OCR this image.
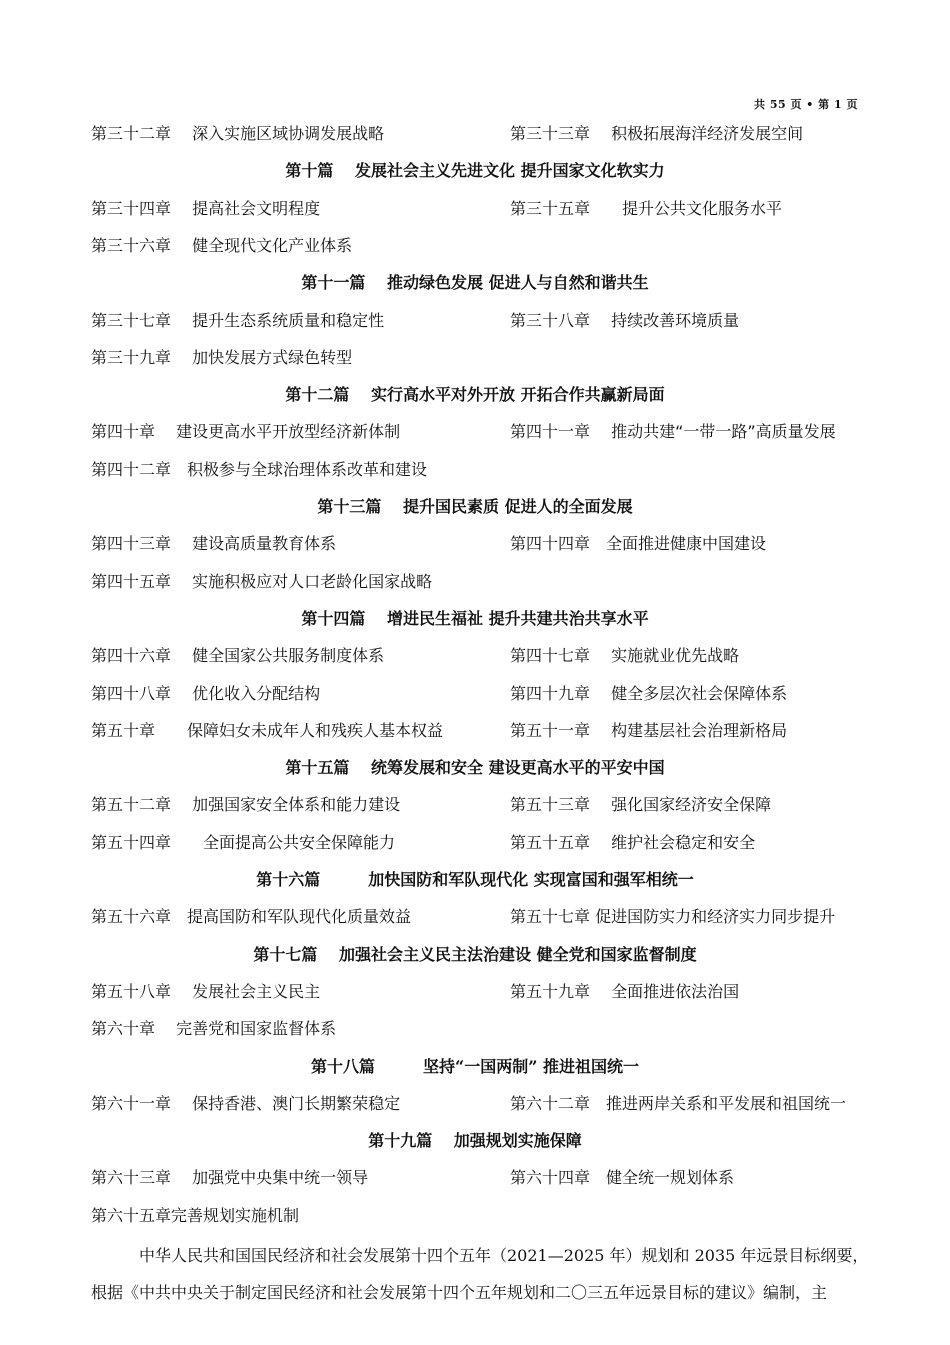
共 55 页 • 第 1 页
第三十二章　 深入实施区域协调发展战略	第三十三章　 积极拓展海洋经济发展空间
第十篇　 发展社会主义先进文化 提升国家文化软实力
第三十四章　 提高社会文明程度	第三十五章　　提升公共文化服务水平
第三十六章　 健全现代文化产业体系
第十一篇　 推动绿色发展 促进人与自然和谐共生
第三十七章　 提升生态系统质量和稳定性	第三十八章　 持续改善环境质量
第三十九章　 加快发展方式绿色转型
第十二篇　 实行高水平对外开放 开拓合作共赢新局面
第四十章　 建设更高水平开放型经济新体制	第四十一章　 推动共建“一带一路”高质量发展
第四十二章　积极参与全球治理体系改革和建设
第十三篇　 提升国民素质 促进人的全面发展
第四十三章　 建设高质量教育体系	第四十四章　全面推进健康中国建设
第四十五章　 实施积极应对人口老龄化国家战略
第十四篇　 增进民生福祉 提升共建共治共享水平
第四十六章　 健全国家公共服务制度体系	第四十七章　 实施就业优先战略
第四十八章　 优化收入分配结构	第四十九章　 健全多层次社会保障体系
第五十章　　保障妇女未成年人和残疾人基本权益	第五十一章　 构建基层社会治理新格局
第十五篇　 统筹发展和安全 建设更高水平的平安中国
第五十二章　 加强国家安全体系和能力建设	第五十三章　 强化国家经济安全保障
第五十四章　　全面提高公共安全保障能力	第五十五章　 维护社会稳定和安全
第十六篇　　　加快国防和军队现代化 实现富国和强军相统一
第五十六章　提高国防和军队现代化质量效益	第五十七章 促进国防实力和经济实力同步提升
第十七篇　 加强社会主义民主法治建设 健全党和国家监督制度
第五十八章　 发展社会主义民主	第五十九章　 全面推进依法治国
第六十章　 完善党和国家监督体系
第十八篇　　　坚持“一国两制” 推进祖国统一
第六十一章　 保持香港、澳门长期繁荣稳定	第六十二章　推进两岸关系和平发展和祖国统一
第十九篇　 加强规划实施保障
第六十三章　 加强党中央集中统一领导	第六十四章　健全统一规划体系
第六十五章完善规划实施机制
　　　中华人民共和国国民经济和社会发展第十四个五年（2021—2025 年）规划和 2035 年远景目标纲要，
根据《中共中央关于制定国民经济和社会发展第十四个五年规划和二〇三五年远景目标的建议》编制，主
